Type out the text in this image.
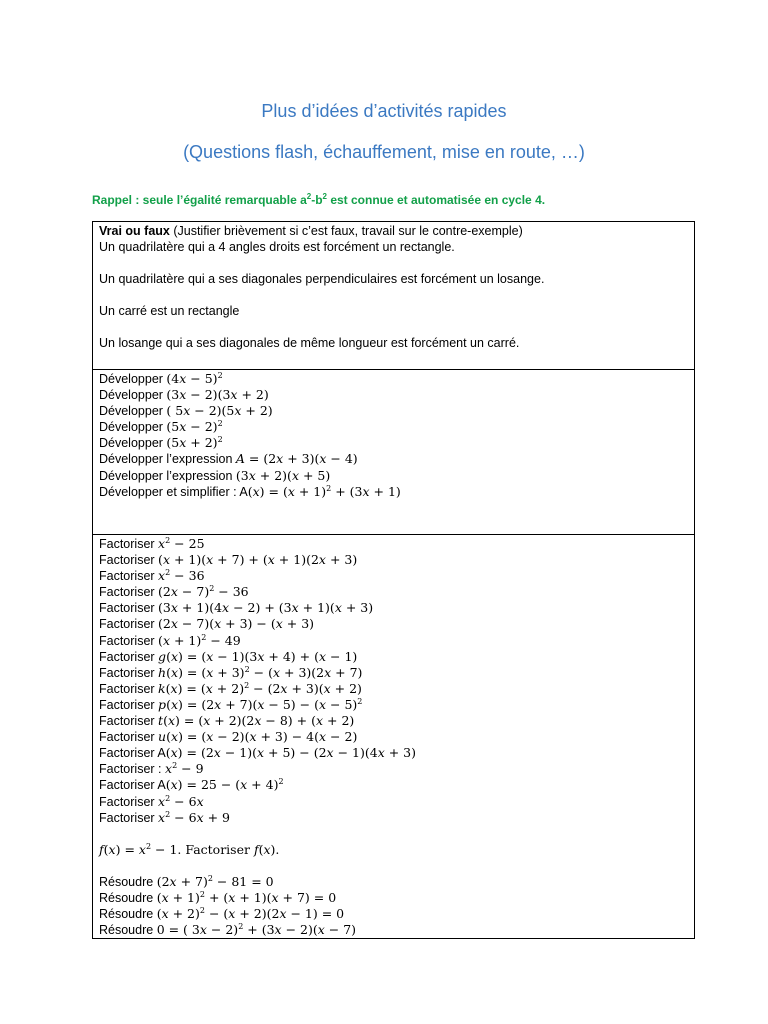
Plus d’idées d’activités rapides
(Questions flash, échauffement, mise en route, …)
Rappel : seule l’égalité remarquable $a^2-b^2$ est connue et automatisée en cycle 4.
Vrai ou faux (Justifier brièvement si c’est faux, travail sur le contre-exemple)
Un quadrilatère qui a 4 angles droits est forcément un rectangle.
Un quadrilatère qui a ses diagonales perpendiculaires est forcément un losange.
Un carré est un rectangle
Un losange qui a ses diagonales de même longueur est forcément un carré.

Développer $(4x - 5)^2$
Développer (3x − 2)(3x + 2)
Développer ( 5x − 2)(5x + 2)
Développer $(5x - 2)^2$
Développer $(5x + 2)^2$
Développer l’expression A = (2x + 3)(x − 4)
Développer l’expression (3x + 2)(x + 5)
Développer et simplifier : $A(x) = (x + 1)^2 + (3x + 1)$

Factoriser $x^2 - 25$
Factoriser (x + 1)(x + 7) + (x + 1)(2x + 3)
Factoriser $x^2 - 36$
Factoriser $(2x - 7)^2 - 36$
Factoriser (3x + 1)(4x − 2) + (3x + 1)(x + 3)
Factoriser (2x − 7)(x + 3) − (x + 3)
Factoriser $(x + 1)^2 - 49$
Factoriser g(x) = (x − 1)(3x + 4) + (x − 1)
Factoriser $h(x) = (x + 3)^2 - (x + 3)(2x + 7)$
Factoriser $k(x) = (x + 2)^2 - (2x + 3)(x + 2)$
Factoriser $p(x) = (2x + 7)(x - 5) - (x - 5)^2$
Factoriser t(x) = (x + 2)(2x − 8) + (x + 2)
Factoriser u(x) = (x − 2)(x + 3) − 4(x − 2)
Factoriser A(x) = (2x − 1)(x + 5) − (2x − 1)(4x + 3)
Factoriser : $x^2 - 9$
Factoriser $A(x) = 25 - (x + 4)^2$
Factoriser $x^2 - 6x$
Factoriser $x^2 - 6x + 9$
$f(x) = x^2 - 1$. Factoriser f(x).
Résoudre $(2x + 7)^2 - 81 = 0$
Résoudre $(x + 1)^2 + (x + 1)(x + 7) = 0$
Résoudre $(x + 2)^2 - (x + 2)(2x - 1) = 0$
Résoudre 0 = ( 3x − 2)$^2$ + (3x − 2)(x − 7)
